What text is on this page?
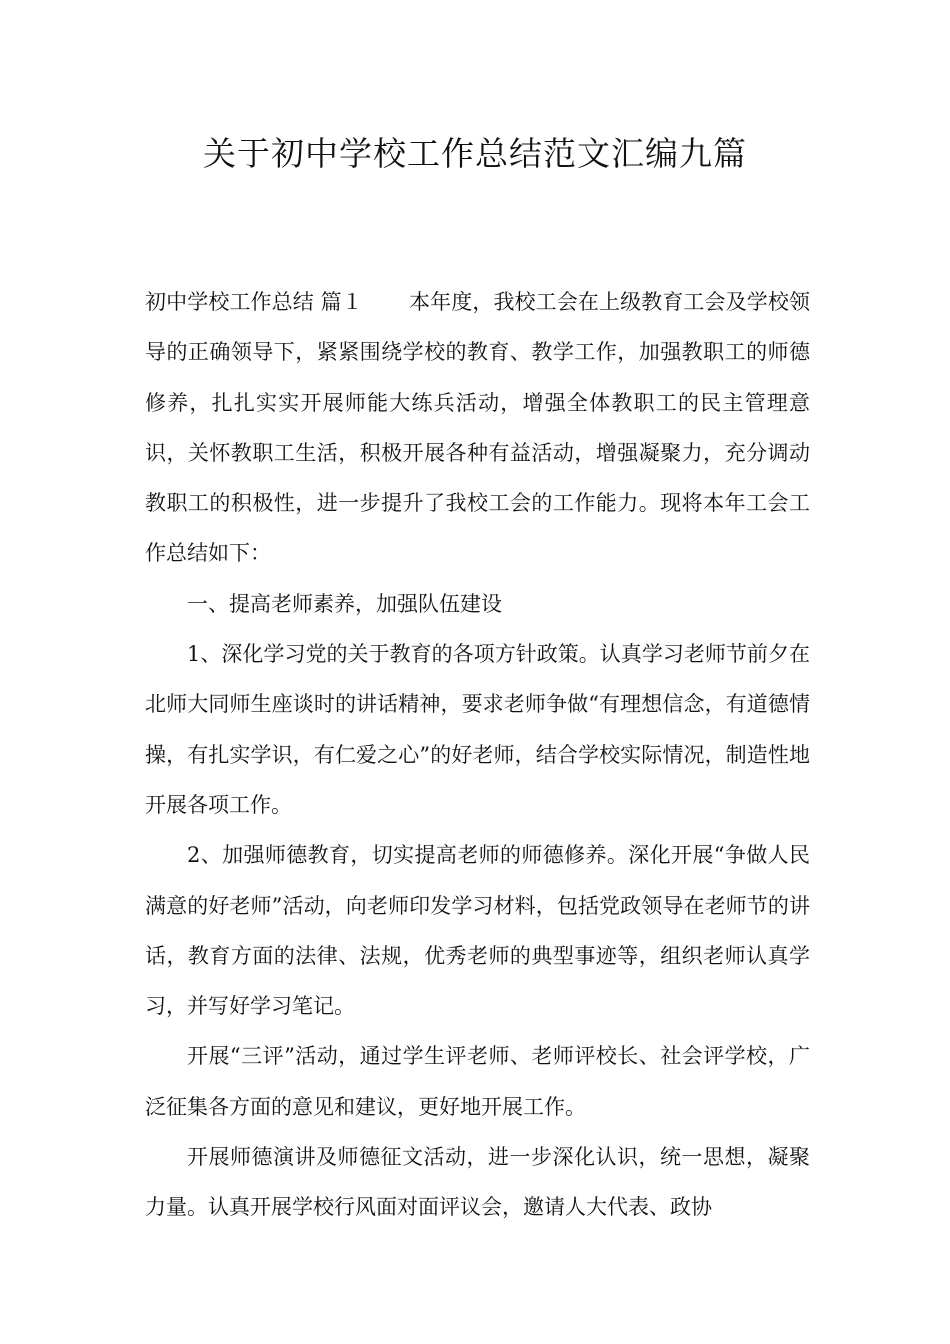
关于初中学校工作总结范文汇编九篇

初中学校工作总结 篇１ 本年度，我校工会在上级教育工会及学校领导的正确领导下，紧紧围绕学校的教育、教学工作，加强教职工的师德修养，扎扎实实开展师能大练兵活动，增强全体教职工的民主管理意识，关怀教职工生活，积极开展各种有益活动，增强凝聚力，充分调动教职工的积极性，进一步提升了我校工会的工作能力。现将本年工会工作总结如下：

一、提高老师素养，加强队伍建设

1、深化学习党的关于教育的各项方针政策。认真学习老师节前夕在北师大同师生座谈时的讲话精神，要求老师争做“有理想信念，有道德情操，有扎实学识，有仁爱之心”的好老师，结合学校实际情况，制造性地开展各项工作。

2、加强师德教育，切实提高老师的师德修养。深化开展“争做人民满意的好老师”活动，向老师印发学习材料，包括党政领导在老师节的讲话，教育方面的法律、法规，优秀老师的典型事迹等，组织老师认真学习，并写好学习笔记。

开展“三评”活动，通过学生评老师、老师评校长、社会评学校，广泛征集各方面的意见和建议，更好地开展工作。

开展师德演讲及师德征文活动，进一步深化认识，统一思想，凝聚力量。认真开展学校行风面对面评议会，邀请人大代表、政协
